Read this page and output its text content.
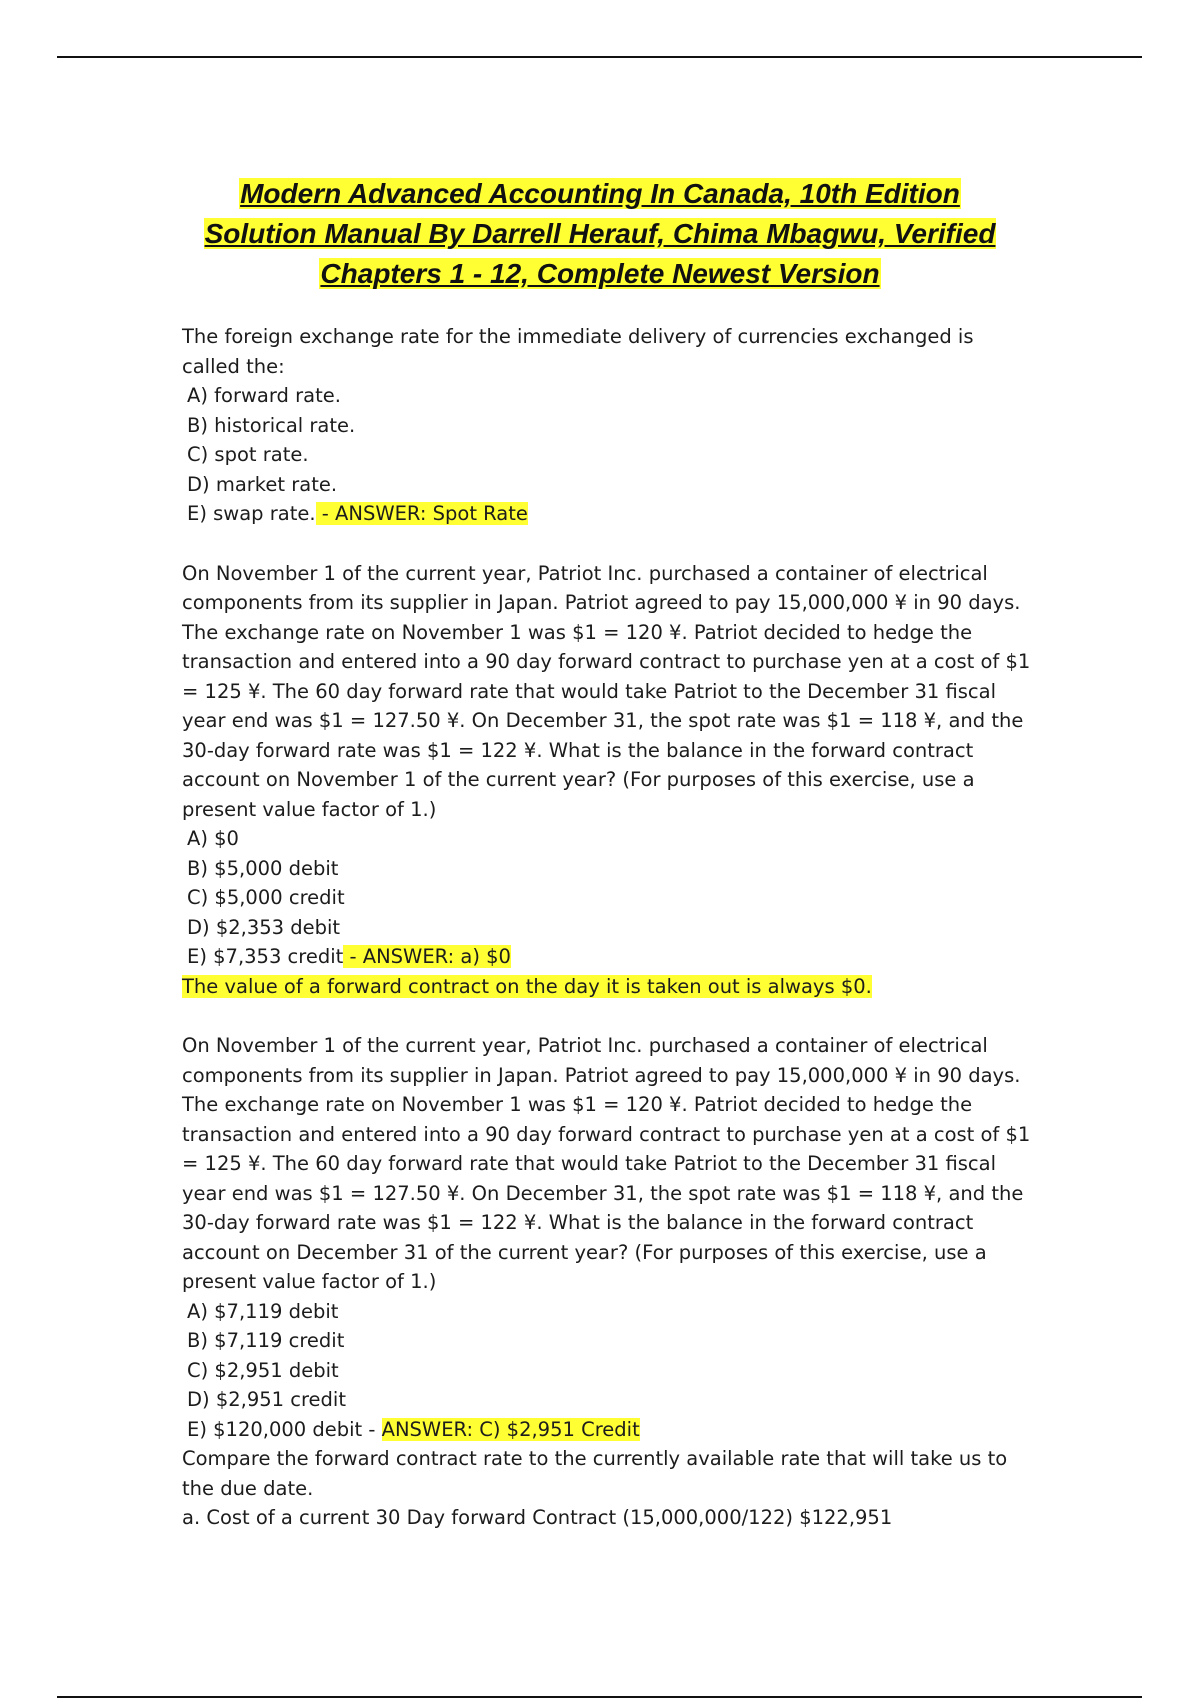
Modern Advanced Accounting In Canada, 10th Edition
Solution Manual By Darrell Herauf, Chima Mbagwu, Verified
Chapters 1 - 12, Complete Newest Version

The foreign exchange rate for the immediate delivery of currencies exchanged is called the:

A) forward rate.
B) historical rate.
C) spot rate.
D) market rate.
E) swap rate. - ANSWER: Spot Rate

On November 1 of the current year, Patriot Inc. purchased a container of electrical components from its supplier in Japan. Patriot agreed to pay 15,000,000 ¥ in 90 days. The exchange rate on November 1 was $1 = 120 ¥. Patriot decided to hedge the transaction and entered into a 90 day forward contract to purchase yen at a cost of $1 = 125 ¥. The 60 day forward rate that would take Patriot to the December 31 fiscal year end was $1 = 127.50 ¥. On December 31, the spot rate was $1 = 118 ¥, and the 30-day forward rate was $1 = 122 ¥. What is the balance in the forward contract account on November 1 of the current year? (For purposes of this exercise, use a present value factor of 1.)

A) $0
B) $5,000 debit
C) $5,000 credit
D) $2,353 debit
E) $7,353 credit - ANSWER: a) $0

The value of a forward contract on the day it is taken out is always $0.

On November 1 of the current year, Patriot Inc. purchased a container of electrical components from its supplier in Japan. Patriot agreed to pay 15,000,000 ¥ in 90 days. The exchange rate on November 1 was $1 = 120 ¥. Patriot decided to hedge the transaction and entered into a 90 day forward contract to purchase yen at a cost of $1 = 125 ¥. The 60 day forward rate that would take Patriot to the December 31 fiscal year end was $1 = 127.50 ¥. On December 31, the spot rate was $1 = 118 ¥, and the 30-day forward rate was $1 = 122 ¥. What is the balance in the forward contract account on December 31 of the current year? (For purposes of this exercise, use a present value factor of 1.)

A) $7,119 debit
B) $7,119 credit
C) $2,951 debit
D) $2,951 credit
E) $120,000 debit - ANSWER: C) $2,951 Credit

Compare the forward contract rate to the currently available rate that will take us to the due date.

a. Cost of a current 30 Day forward Contract (15,000,000/122) $122,951
